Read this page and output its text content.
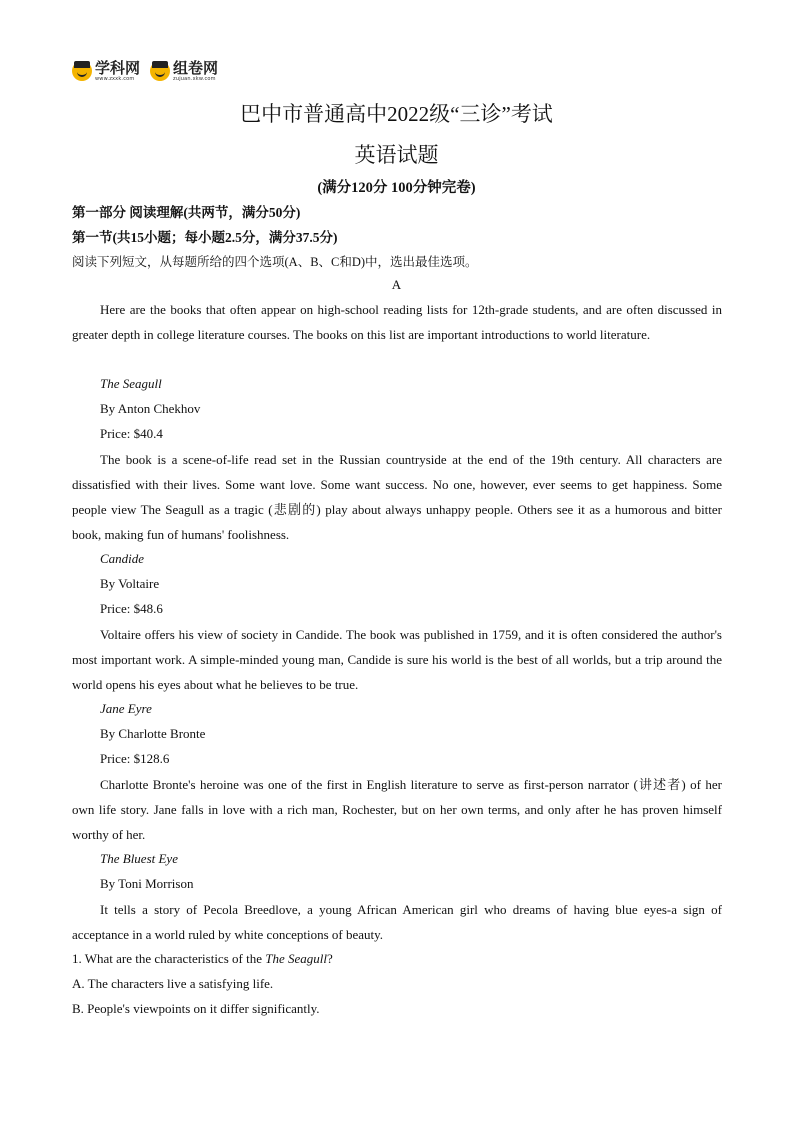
学科网
www.zxxk.com
组卷网
zujuan.xkw.com
巴中市普通高中2022级“三诊”考试
英语试题
(满分120分 100分钟完卷)
第一部分 阅读理解(共两节，满分50分)
第一节(共15小题；每小题2.5分，满分37.5分)
阅读下列短文，从每题所给的四个选项(A、B、C和D)中，选出最佳选项。
A
Here are the books that often appear on high-school reading lists for 12th-grade students, and are often discussed in greater depth in college literature courses. The books on this list are important introductions to world literature.
The Seagull
By Anton Chekhov
Price: $40.4
The book is a scene-of-life read set in the Russian countryside at the end of the 19th century. All characters are dissatisfied with their lives. Some want love. Some want success. No one, however, ever seems to get happiness. Some people view The Seagull as a tragic (悲剧的) play about always unhappy people. Others see it as a humorous and bitter book, making fun of humans' foolishness.
Candide
By Voltaire
Price: $48.6
Voltaire offers his view of society in Candide. The book was published in 1759, and it is often considered the author's most important work. A simple-minded young man, Candide is sure his world is the best of all worlds, but a trip around the world opens his eyes about what he believes to be true.
Jane Eyre
By Charlotte Bronte
Price: $128.6
Charlotte Bronte's heroine was one of the first in English literature to serve as first-person narrator (讲述者) of her own life story. Jane falls in love with a rich man, Rochester, but on her own terms, and only after he has proven himself worthy of her.
The Bluest Eye
By Toni Morrison
It tells a story of Pecola Breedlove, a young African American girl who dreams of having blue eyes-a sign of acceptance in a world ruled by white conceptions of beauty.
1. What are the characteristics of the The Seagull?
A. The characters live a satisfying life.
B. People's viewpoints on it differ significantly.
